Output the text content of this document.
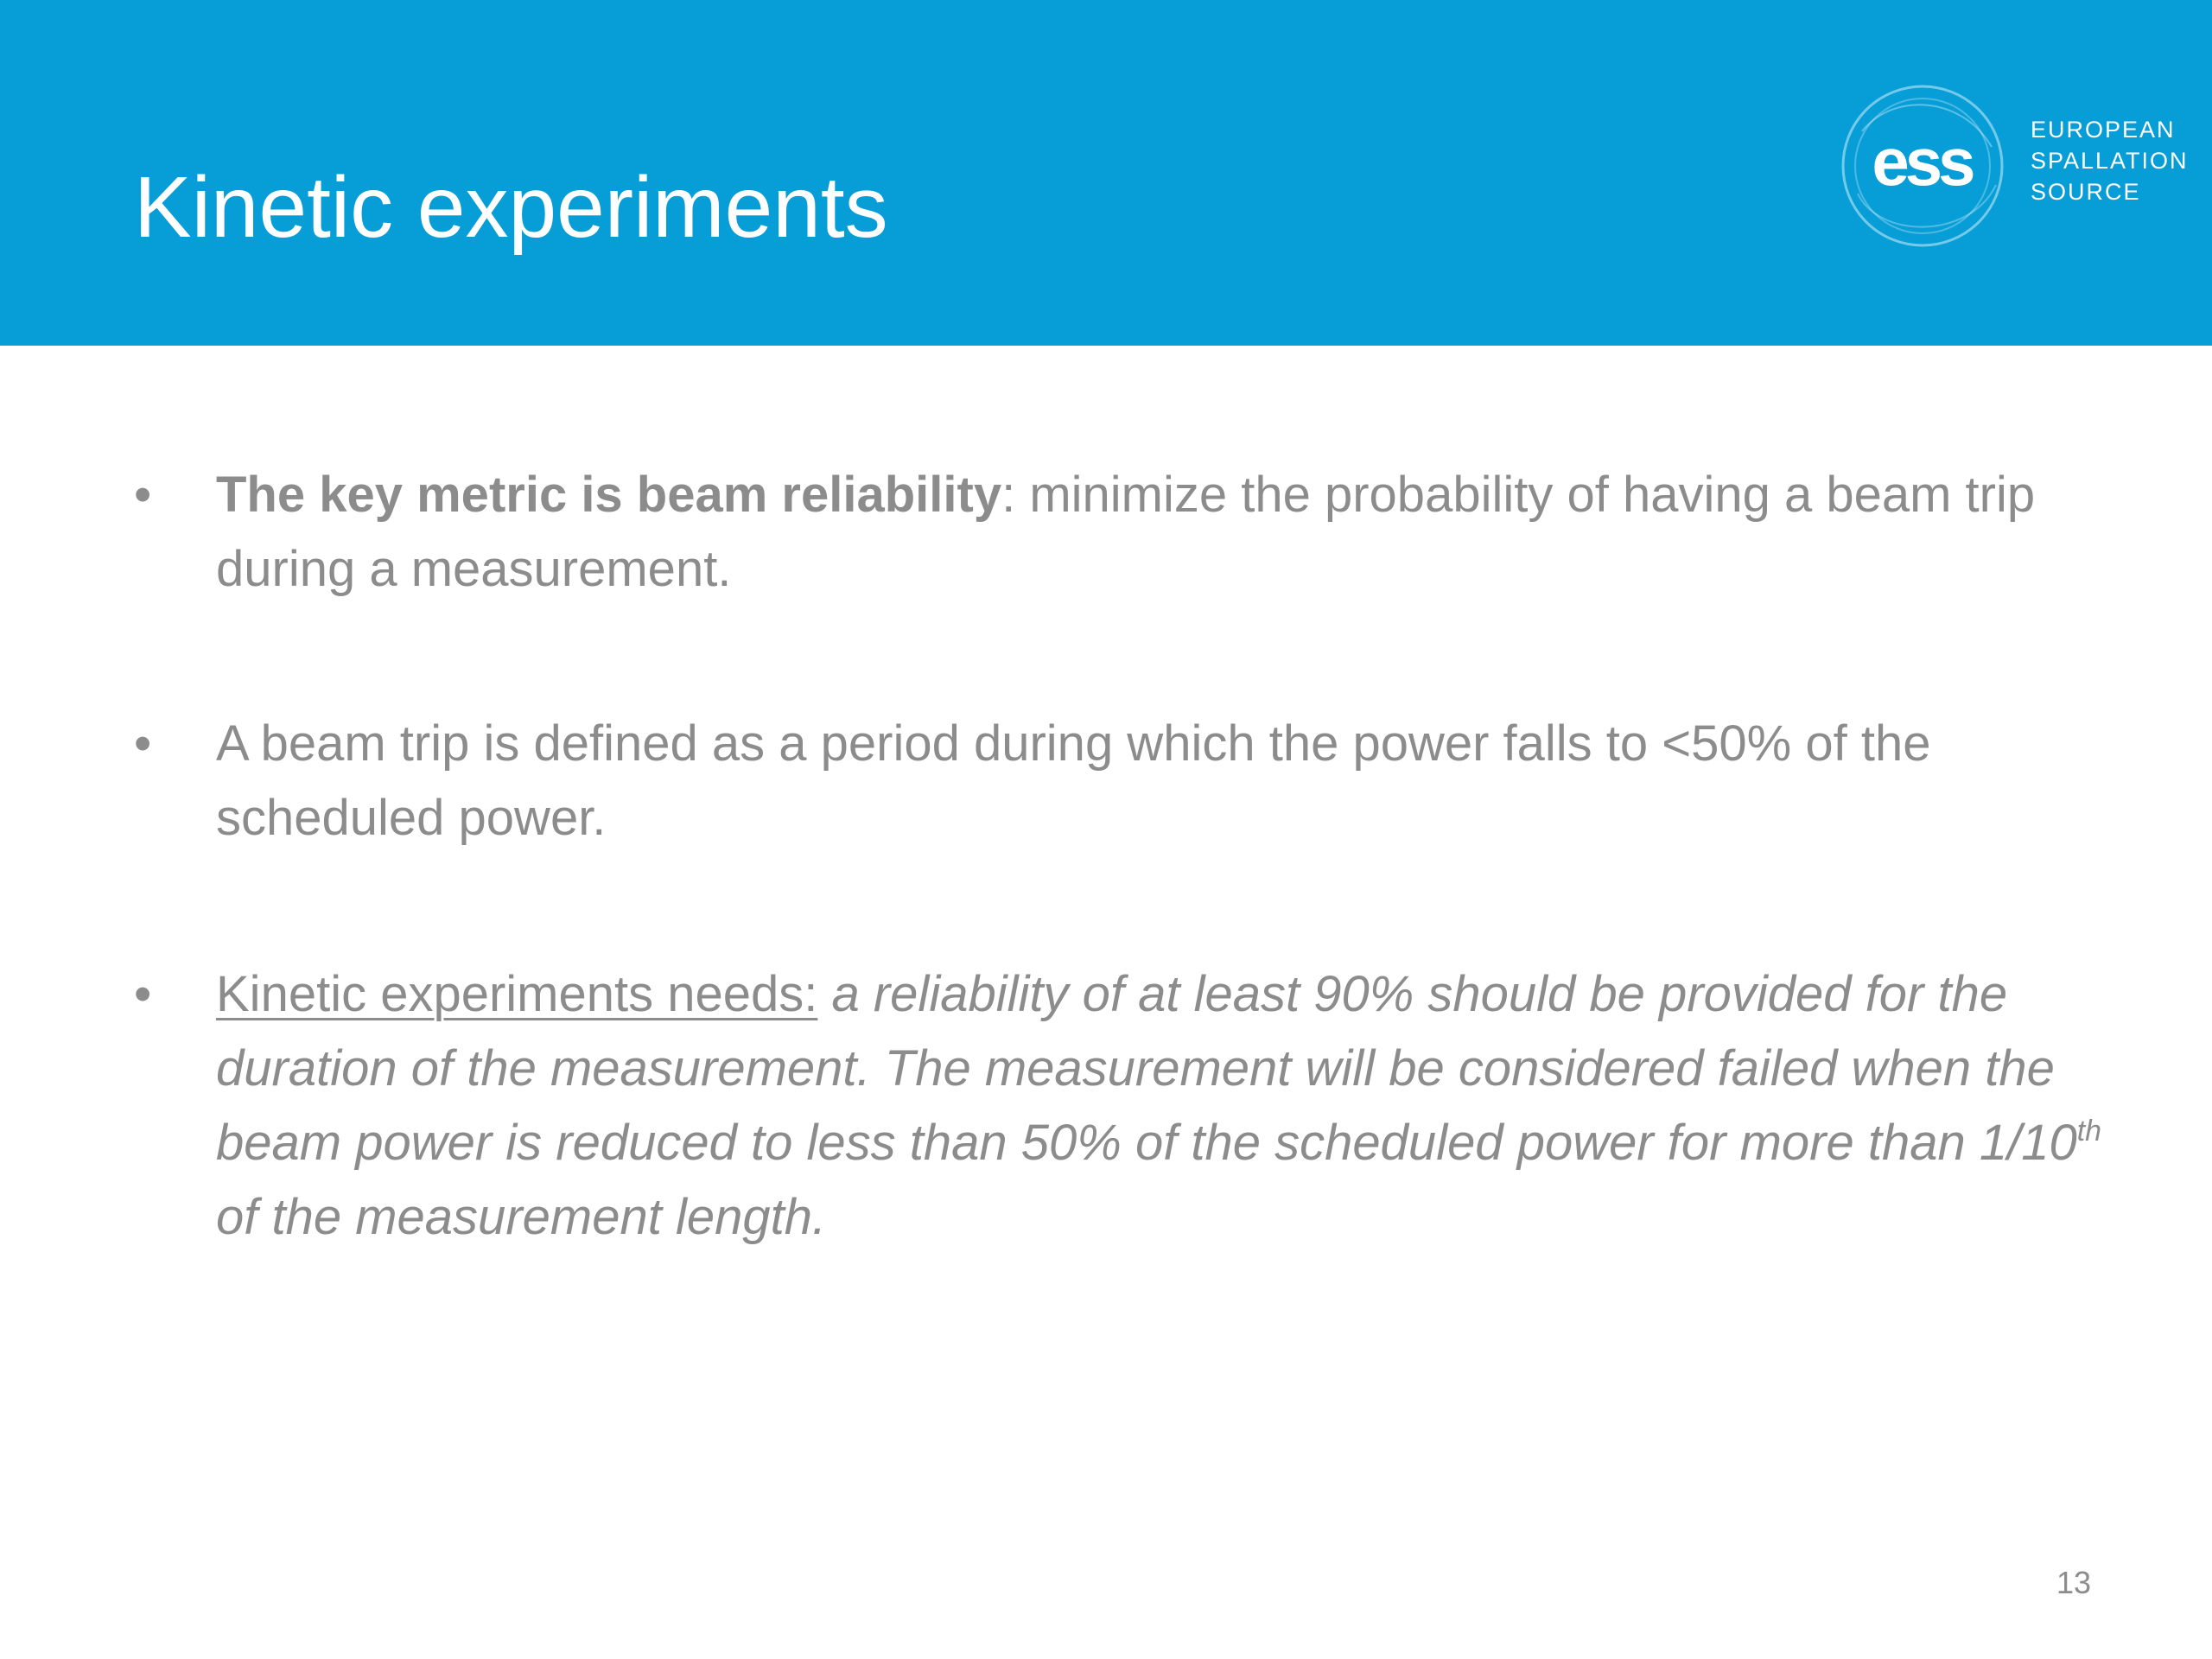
Kinetic experiments	ess	EUROPEAN
SPALLATION
SOURCE
•	The key metric is beam reliability: minimize the probability of having a beam trip during a measurement.
•	A beam trip is defined as a period during which the power falls to <50% of the scheduled power.
•	Kinetic experiments needs: a reliability of at least 90% should be provided for the duration of the measurement. The measurement will be considered failed when the beam power is reduced to less than 50% of the scheduled power for more than 1/10th of the measurement length.
13
